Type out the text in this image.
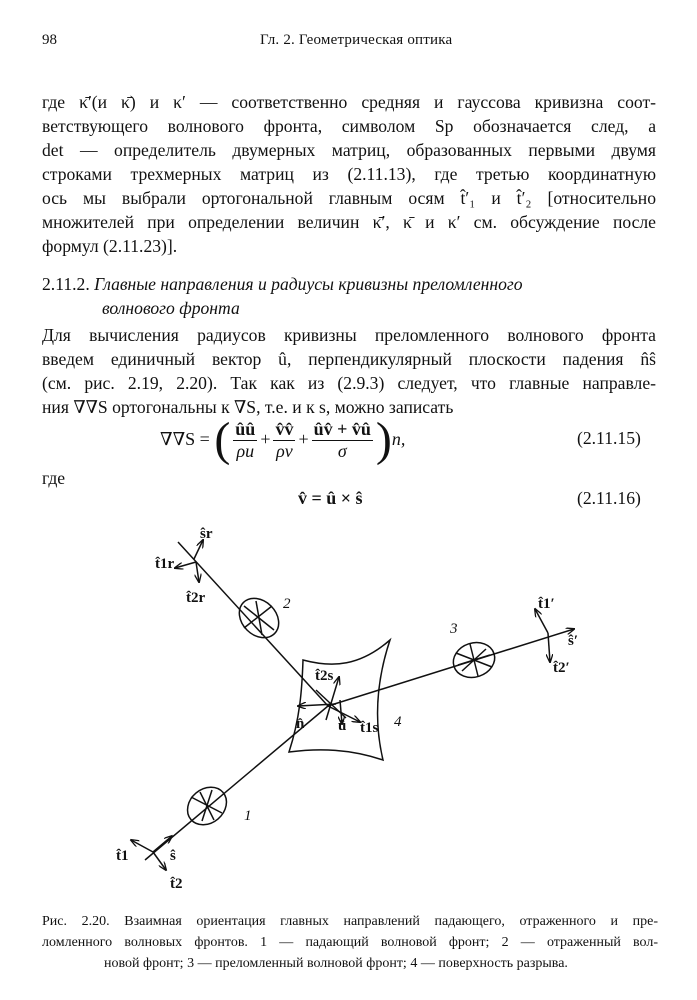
98	Гл. 2. Геометрическая оптика
где κ̄′(и κ̄) и κ′ — соответственно средняя и гауссова кривизна соот-
ветствующего волнового фронта, символом Sp обозначается след, а
det — определитель двумерных матриц, образованных первыми двумя
строками трехмерных матриц из (2.11.13), где третью координатную
ось мы выбрали ортогональной главным осям t̂′₁ и t̂′₂ [относительно
множителей при определении величин κ̄′, κ̄ и κ′ см. обсуждение после
формул (2.11.23)].
2.11.2. Главные направления и радиусы кривизны преломленного
волнового фронта
Для вычисления радиусов кривизны преломленного волнового фронта
введем единичный вектор û, перпендикулярный плоскости падения n̂ŝ
(см. рис. 2.19, 2.20). Так как из (2.9.3) следует, что главные направле-
ния ∇∇S ортогональны к ∇S, т.е. и к s, можно записать
∇∇S = ( $\frac{ûû}{\rho u} + \frac{v̂v̂}{\rho v} + \frac{ûv̂ + v̂û}{\sigma} )n$,	(2.11.15)
где
v̂ = û × ŝ	(2.11.16)
ŝr
t̂1r
t̂2r	t̂1′
ŝ′
t̂2′
t̂2s
n̂ û t̂1s
t̂1	ŝ
t̂2
2
3
1
4
Рис. 2.20. Взаимная ориентация главных направлений падающего, отраженного и пре-
ломленного волновых фронтов. 1 — падающий волновой фронт; 2 — отраженный вол-
новой фронт; 3 — преломленный волновой фронт; 4 — поверхность разрыва.
